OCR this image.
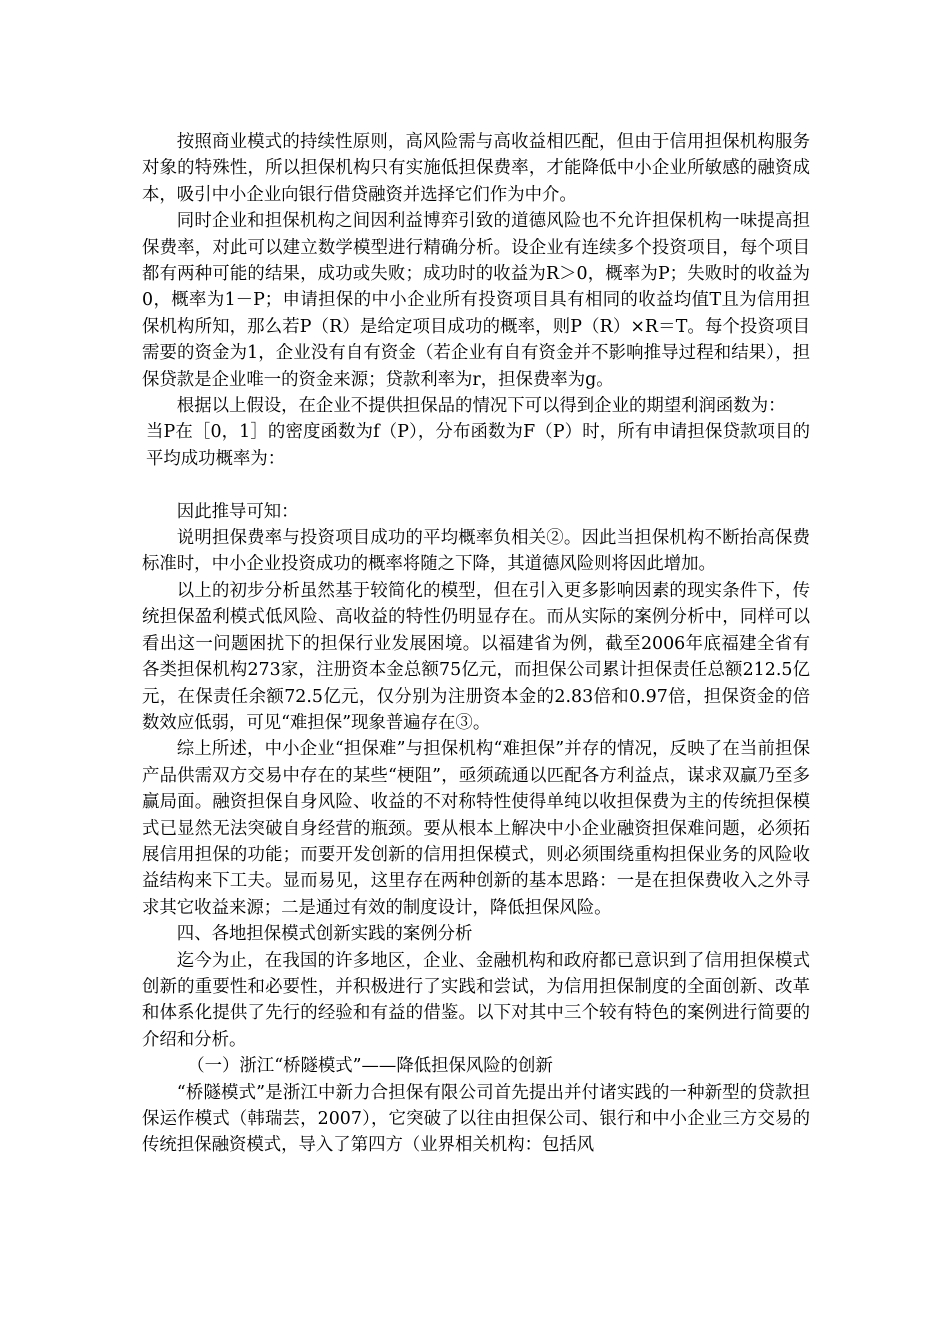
按照商业模式的持续性原则，高风险需与高收益相匹配，但由于信用担保机构服务对象的特殊性，所以担保机构只有实施低担保费率，才能降低中小企业所敏感的融资成本，吸引中小企业向银行借贷融资并选择它们作为中介。

同时企业和担保机构之间因利益博弈引致的道德风险也不允许担保机构一味提高担保费率，对此可以建立数学模型进行精确分析。设企业有连续多个投资项目，每个项目都有两种可能的结果，成功或失败；成功时的收益为R＞0，概率为P；失败时的收益为0，概率为1－P；申请担保的中小企业所有投资项目具有相同的收益均值T且为信用担保机构所知，那么若P（R）是给定项目成功的概率，则P（R）×R＝T。每个投资项目需要的资金为1，企业没有自有资金（若企业有自有资金并不影响推导过程和结果），担保贷款是企业唯一的资金来源；贷款利率为r，担保费率为g。

根据以上假设，在企业不提供担保品的情况下可以得到企业的期望利润函数为：

当P在［0，1］的密度函数为f（P），分布函数为F（P）时，所有申请担保贷款项目的平均成功概率为：

因此推导可知：

说明担保费率与投资项目成功的平均概率负相关②。因此当担保机构不断抬高保费标准时，中小企业投资成功的概率将随之下降，其道德风险则将因此增加。

以上的初步分析虽然基于较简化的模型，但在引入更多影响因素的现实条件下，传统担保盈利模式低风险、高收益的特性仍明显存在。而从实际的案例分析中，同样可以看出这一问题困扰下的担保行业发展困境。以福建省为例，截至2006年底福建全省有各类担保机构273家，注册资本金总额75亿元，而担保公司累计担保责任总额212.5亿元，在保责任余额72.5亿元，仅分别为注册资本金的2.83倍和0.97倍，担保资金的倍数效应低弱，可见“难担保”现象普遍存在③。

综上所述，中小企业“担保难”与担保机构“难担保”并存的情况，反映了在当前担保产品供需双方交易中存在的某些“梗阻”，亟须疏通以匹配各方利益点，谋求双赢乃至多赢局面。融资担保自身风险、收益的不对称特性使得单纯以收担保费为主的传统担保模式已显然无法突破自身经营的瓶颈。要从根本上解决中小企业融资担保难问题，必须拓展信用担保的功能；而要开发创新的信用担保模式，则必须围绕重构担保业务的风险收益结构来下工夫。显而易见，这里存在两种创新的基本思路：一是在担保费收入之外寻求其它收益来源；二是通过有效的制度设计，降低担保风险。

四、各地担保模式创新实践的案例分析

迄今为止，在我国的许多地区，企业、金融机构和政府都已意识到了信用担保模式创新的重要性和必要性，并积极进行了实践和尝试，为信用担保制度的全面创新、改革和体系化提供了先行的经验和有益的借鉴。以下对其中三个较有特色的案例进行简要的介绍和分析。

（一）浙江“桥隧模式”——降低担保风险的创新

“桥隧模式”是浙江中新力合担保有限公司首先提出并付诸实践的一种新型的贷款担保运作模式（韩瑞芸，2007），它突破了以往由担保公司、银行和中小企业三方交易的传统担保融资模式，导入了第四方（业界相关机构：包括风
